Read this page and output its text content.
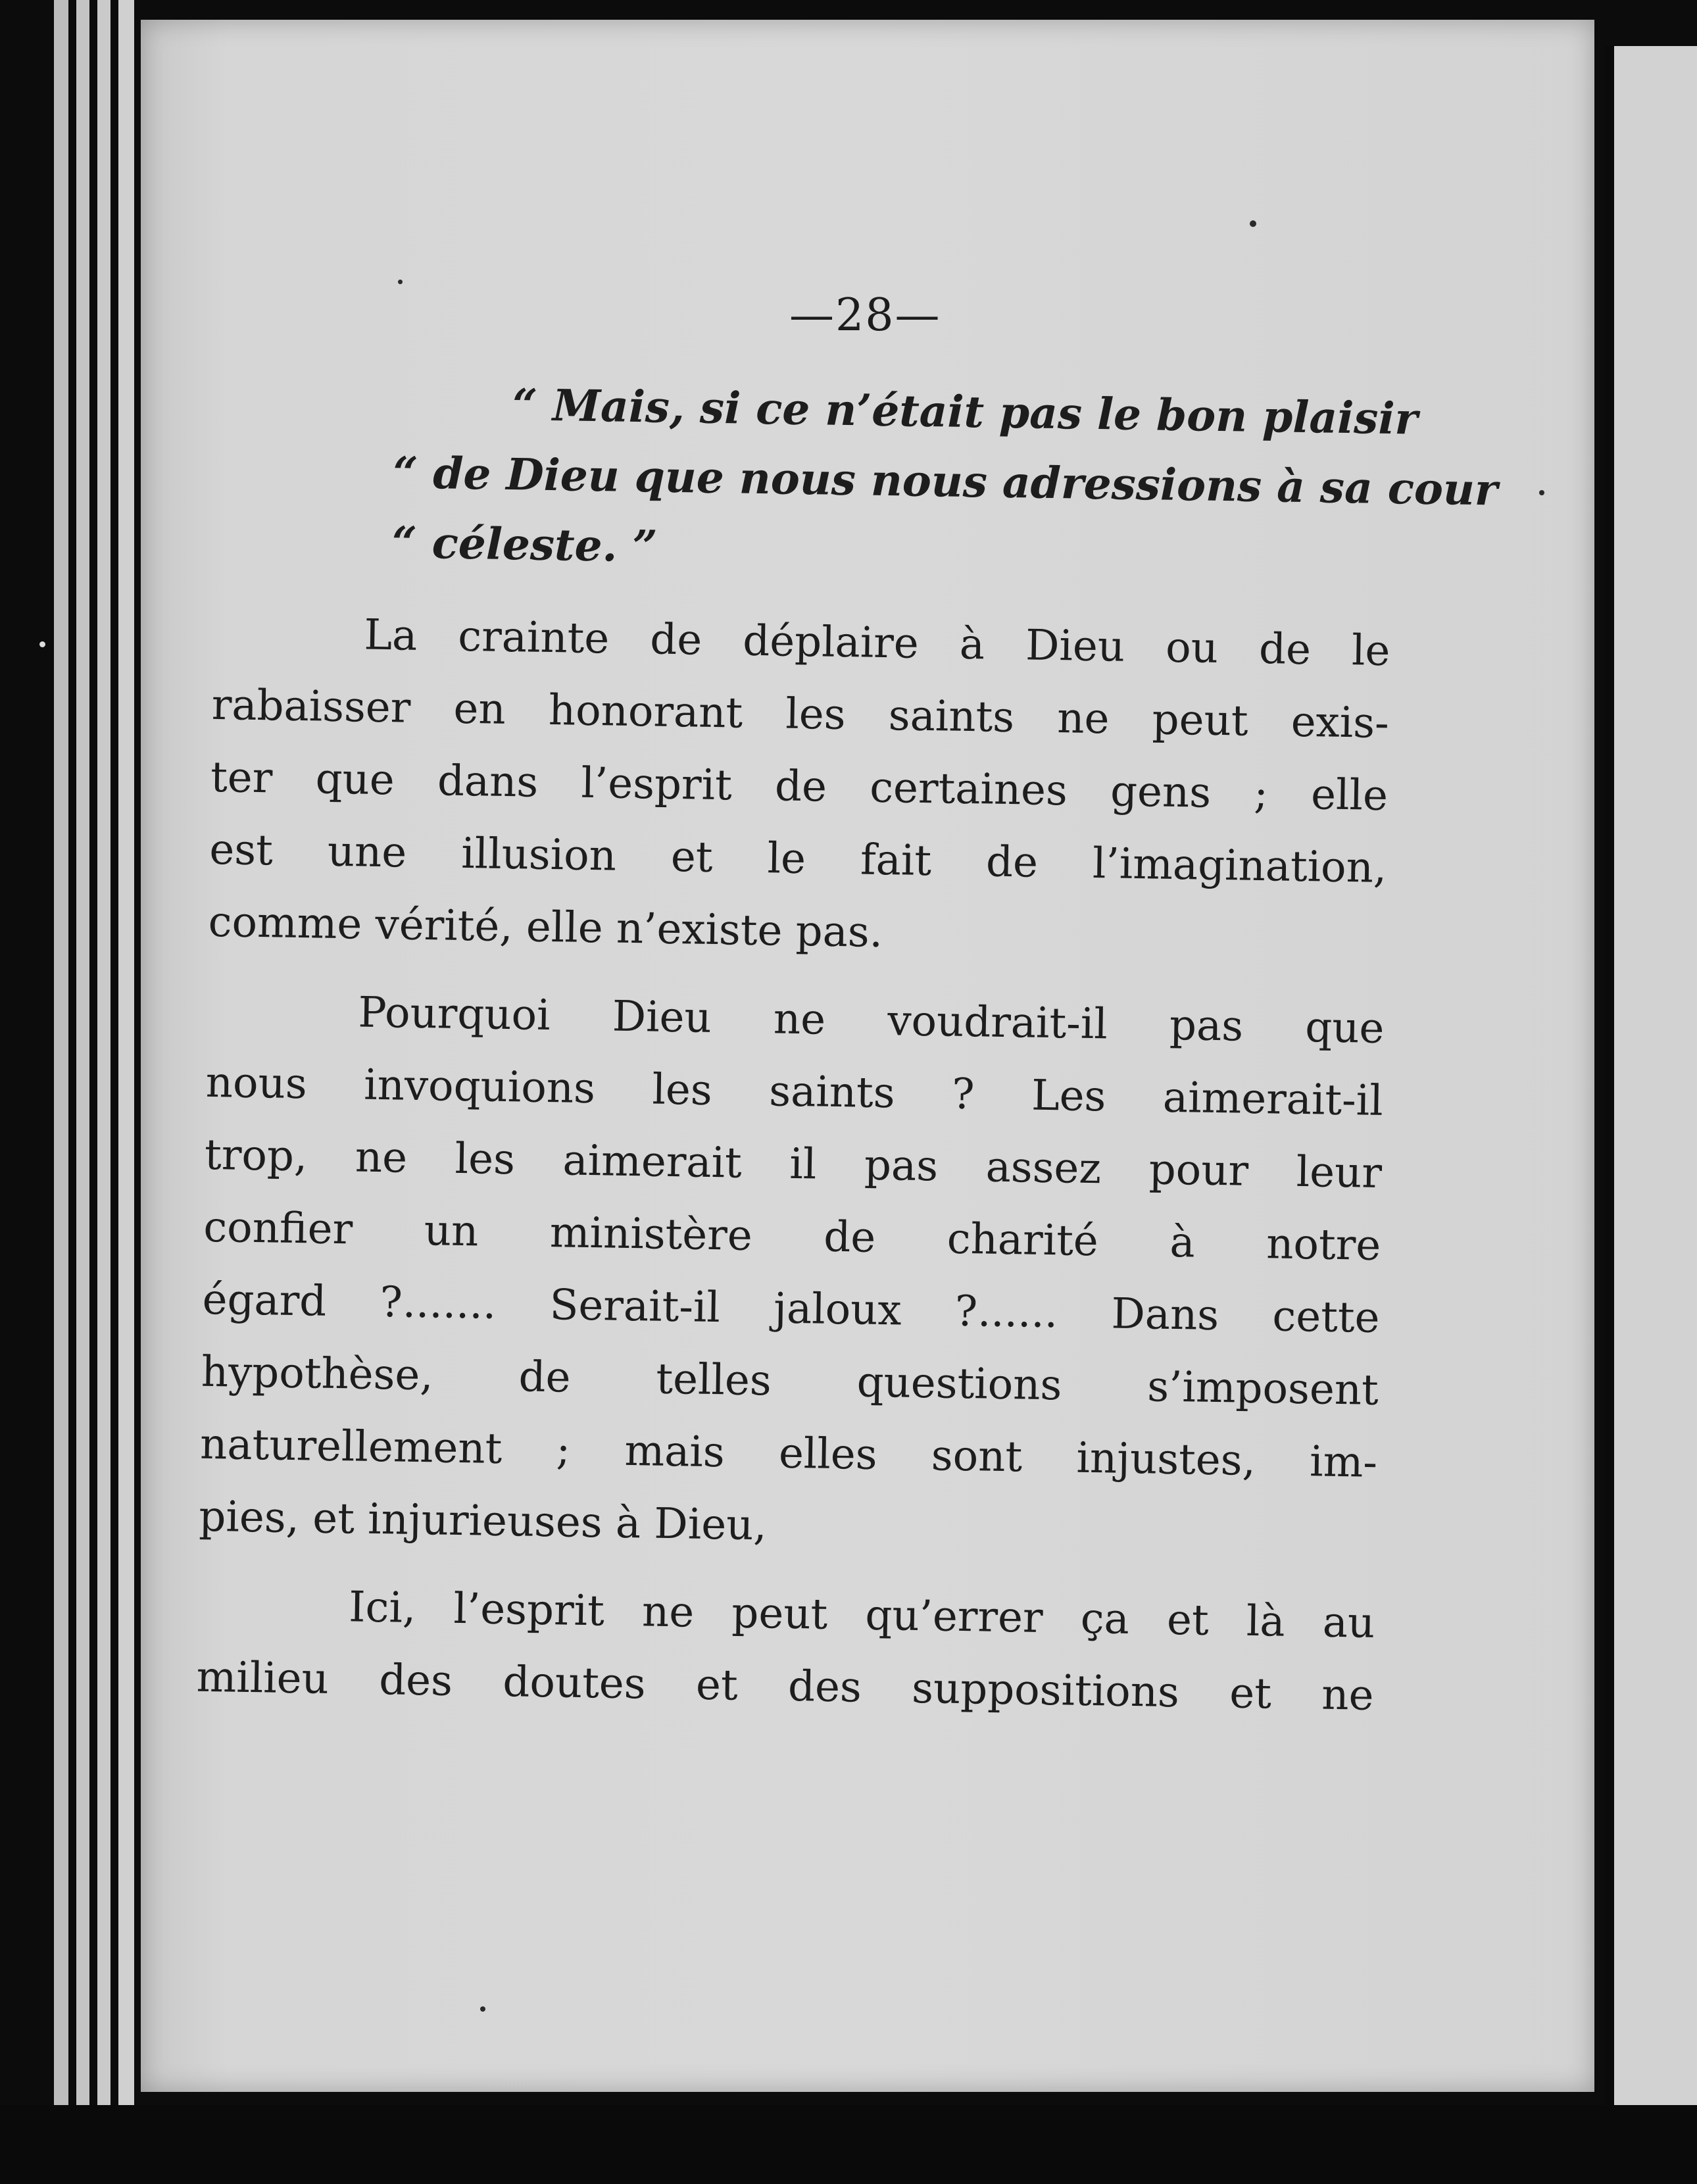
—28—

“ Mais, si ce n’était pas le bon plaisir

“ de Dieu que nous nous adressions à sa cour

“ céleste. ”

La crainte de déplaire à Dieu ou de le
rabaisser en honorant les saints ne peut exis-
ter que dans l’esprit de certaines gens ; elle
est une illusion et le fait de l’imagination,
comme vérité, elle n’existe pas.
Pourquoi Dieu ne voudrait-il pas que
nous invoquions les saints ? Les aimerait-il
trop, ne les aimerait il pas assez pour leur
confier un ministère de charité à notre
égard ?....... Serait-il jaloux ?...... Dans cette
hypothèse, de telles questions s’imposent
naturellement ; mais elles sont injustes, im-
pies, et injurieuses à Dieu,
Ici, l’esprit ne peut qu’errer ça et là au
milieu des doutes et des suppositions et ne
